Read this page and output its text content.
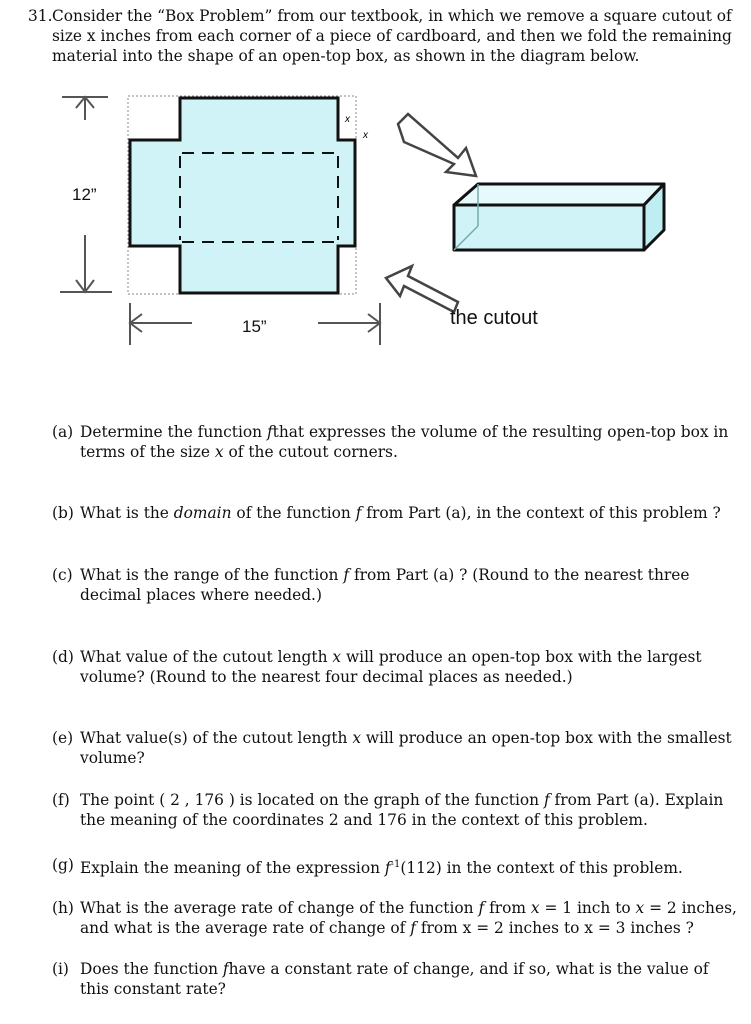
31. Consider the “Box Problem” from our textbook, in which we remove a square cutout of size x inches from each corner of a piece of cardboard, and then we fold the remaining material into the shape of an open-top box, as shown in the diagram below.
x
x
12”
15”	the cutout
(a) Determine the function fthat expresses the volume of the resulting open-top box in terms of the size x of the cutout corners.
(b) What is the domain of the function f from Part (a), in the context of this problem ?
(c) What is the range of the function f from Part (a) ? (Round to the nearest three decimal places where needed.)
(d) What value of the cutout length x will produce an open-top box with the largest volume? (Round to the nearest four decimal places as needed.)
(e) What value(s) of the cutout length x will produce an open-top box with the smallest volume?
(f) The point ( 2 , 176 ) is located on the graph of the function f from Part (a). Explain the meaning of the coordinates 2 and 176 in the context of this problem.
(g) Explain the meaning of the expression $f^{-1}(112)$ in the context of this problem.
(h) What is the average rate of change of the function f from x = 1 inch to x = 2 inches, and what is the average rate of change of f from x = 2 inches to x = 3 inches ?
(i) Does the function fhave a constant rate of change, and if so, what is the value of this constant rate?
